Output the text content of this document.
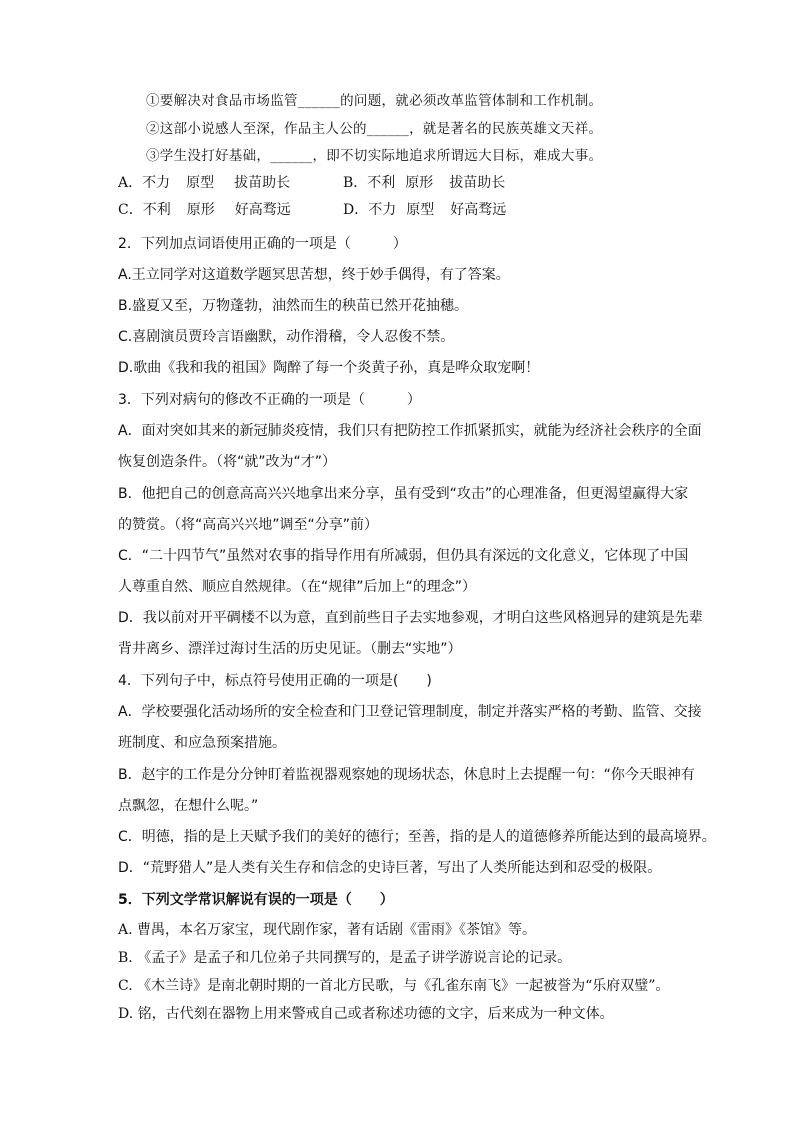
①要解决对食品市场监管______的问题，就必须改革监管体制和工作机制。
②这部小说感人至深，作品主人公的______，就是著名的民族英雄文天祥。
③学生没打好基础，______，即不切实际地追求所谓远大目标，难成大事。
A．不力 原型 拔苗助长	B．不利 原形 拔苗助长
C．不利 原形 好高骛远	D．不力 原型 好高骛远
2．下列加点词语使用正确的一项是（　　　）
A.王立同学对这道数学题冥思苦想，终于妙手偶得，有了答案。
B.盛夏又至，万物蓬勃，油然而生的秧苗已然开花抽穗。
C.喜剧演员贾玲言语幽默，动作滑稽，令人忍俊不禁。
D.歌曲《我和我的祖国》陶醉了每一个炎黄子孙，真是哗众取宠啊！
3．下列对病句的修改不正确的一项是（　　　）
A．面对突如其来的新冠肺炎疫情，我们只有把防控工作抓紧抓实，就能为经济社会秩序的全面
恢复创造条件。（将“就”改为“才”）
B．他把自己的创意高高兴兴地拿出来分享，虽有受到“攻击”的心理准备，但更渴望赢得大家
的赞赏。（将“高高兴兴地”调至“分享”前）
C．“二十四节气”虽然对农事的指导作用有所减弱，但仍具有深远的文化意义，它体现了中国
人尊重自然、顺应自然规律。（在“规律”后加上“的理念”）
D．我以前对开平碉楼不以为意，直到前些日子去实地参观，才明白这些风格迥异的建筑是先辈
背井离乡、漂洋过海讨生活的历史见证。（删去“实地”）
4．下列句子中，标点符号使用正确的一项是(　　)
A．学校要强化活动场所的安全检查和门卫登记管理制度，制定并落实严格的考勤、监管、交接
班制度、和应急预案措施。
B．赵宇的工作是分分钟盯着监视器观察她的现场状态，休息时上去提醒一句：“你今天眼神有
点飘忽，在想什么呢。”
C．明德，指的是上天赋予我们的美好的德行；至善，指的是人的道德修养所能达到的最高境界。
D．“荒野猎人”是人类有关生存和信念的史诗巨著，写出了人类所能达到和忍受的极限。
5．下列文学常识解说有误的一项是（　　）
A. 曹禺，本名万家宝，现代剧作家，著有话剧《雷雨》《茶馆》等。
B. 《孟子》是孟子和几位弟子共同撰写的，是孟子讲学游说言论的记录。
C. 《木兰诗》是南北朝时期的一首北方民歌，与《孔雀东南飞》一起被誉为“乐府双璧”。
D. 铭，古代刻在器物上用来警戒自己或者称述功德的文字，后来成为一种文体。
